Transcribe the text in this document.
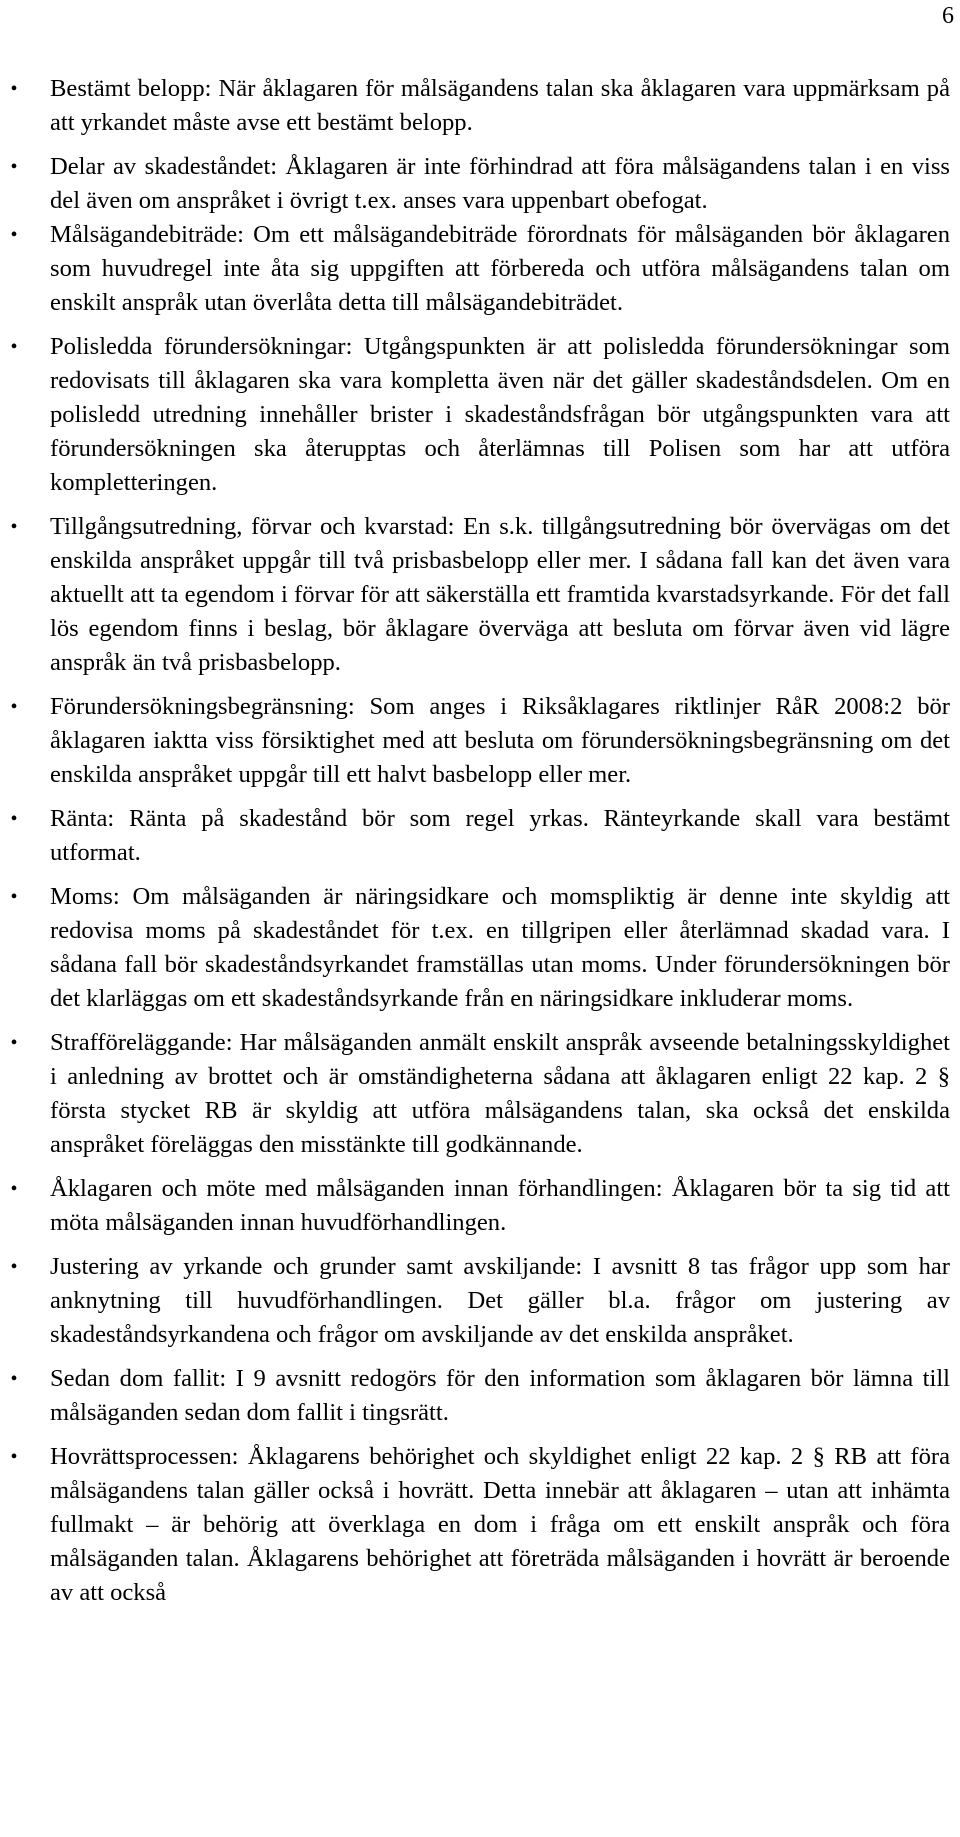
6
• Bestämt belopp: När åklagaren för målsägandens talan ska åklagaren vara uppmärksam på att yrkandet måste avse ett bestämt belopp.
• Delar av skadeståndet: Åklagaren är inte förhindrad att föra målsägandens talan i en viss del även om anspråket i övrigt t.ex. anses vara uppenbart obefogat.
• Målsägandebiträde: Om ett målsägandebiträde förordnats för målsäganden bör åklagaren som huvudregel inte åta sig uppgiften att förbereda och utföra målsägandens talan om enskilt anspråk utan överlåta detta till målsägandebiträdet.
• Polisledda förundersökningar: Utgångspunkten är att polisledda förundersökningar som redovisats till åklagaren ska vara kompletta även när det gäller skadeståndsdelen. Om en polisledd utredning innehåller brister i skadeståndsfrågan bör utgångspunkten vara att förundersökningen ska återupptas och återlämnas till Polisen som har att utföra kompletteringen.
• Tillgångsutredning, förvar och kvarstad: En s.k. tillgångsutredning bör övervägas om det enskilda anspråket uppgår till två prisbasbelopp eller mer. I sådana fall kan det även vara aktuellt att ta egendom i förvar för att säkerställa ett framtida kvarstadsyrkande. För det fall lös egendom finns i beslag, bör åklagare överväga att besluta om förvar även vid lägre anspråk än två prisbasbelopp.
• Förundersökningsbegränsning: Som anges i Riksåklagares riktlinjer RåR 2008:2 bör åklagaren iaktta viss försiktighet med att besluta om förundersökningsbegränsning om det enskilda anspråket uppgår till ett halvt basbelopp eller mer.
• Ränta: Ränta på skadestånd bör som regel yrkas. Ränteyrkande skall vara bestämt utformat.
• Moms: Om målsäganden är näringsidkare och momspliktig är denne inte skyldig att redovisa moms på skadeståndet för t.ex. en tillgripen eller återlämnad skadad vara. I sådana fall bör skadeståndsyrkandet framställas utan moms. Under förundersökningen bör det klarläggas om ett skadeståndsyrkande från en näringsidkare inkluderar moms.
• Strafföreläggande: Har målsäganden anmält enskilt anspråk avseende betalningsskyldighet i anledning av brottet och är omständigheterna sådana att åklagaren enligt 22 kap. 2 § första stycket RB är skyldig att utföra målsägandens talan, ska också det enskilda anspråket föreläggas den misstänkte till godkännande.
• Åklagaren och möte med målsäganden innan förhandlingen: Åklagaren bör ta sig tid att möta målsäganden innan huvudförhandlingen.
• Justering av yrkande och grunder samt avskiljande: I avsnitt 8 tas frågor upp som har anknytning till huvudförhandlingen. Det gäller bl.a. frågor om justering av skadeståndsyrkandena och frågor om avskiljande av det enskilda anspråket.
• Sedan dom fallit: I 9 avsnitt redogörs för den information som åklagaren bör lämna till målsäganden sedan dom fallit i tingsrätt.
• Hovrättsprocessen: Åklagarens behörighet och skyldighet enligt 22 kap. 2 § RB att föra målsägandens talan gäller också i hovrätt. Detta innebär att åklagaren – utan att inhämta fullmakt – är behörig att överklaga en dom i fråga om ett enskilt anspråk och föra målsäganden talan. Åklagarens behörighet att företräda målsäganden i hovrätt är beroende av att också
